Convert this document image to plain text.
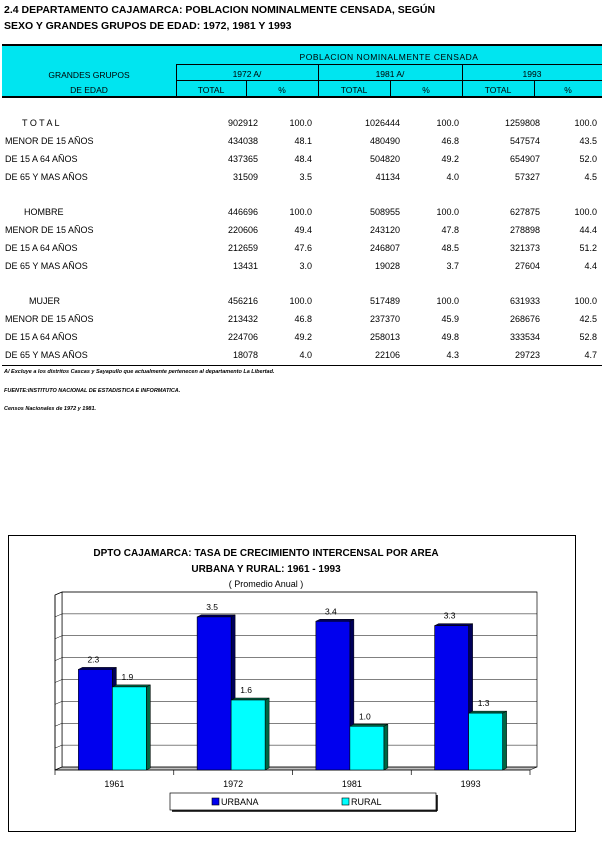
2.4 DEPARTAMENTO CAJAMARCA: POBLACION NOMINALMENTE CENSADA, SEGÚN
SEXO Y GRANDES GRUPOS DE EDAD: 1972, 1981 Y 1993
GRANDES GRUPOS
DE EDAD
POBLACION NOMINALMENTE CENSADA
1972 A/	1981 A/	1993
TOTAL	%	TOTAL	%	TOTAL	%
T O T A L	902912	100.0	1026444	100.0	1259808	100.0
MENOR DE 15 AÑOS	434038	48.1	480490	46.8	547574	43.5
DE 15 A 64 AÑOS	437365	48.4	504820	49.2	654907	52.0
DE 65 Y MAS AÑOS	31509	3.5	41134	4.0	57327	4.5
HOMBRE	446696	100.0	508955	100.0	627875	100.0
MENOR DE 15 AÑOS	220606	49.4	243120	47.8	278898	44.4
DE 15 A 64 AÑOS	212659	47.6	246807	48.5	321373	51.2
DE 65 Y MAS AÑOS	13431	3.0	19028	3.7	27604	4.4
MUJER	456216	100.0	517489	100.0	631933	100.0
MENOR DE 15 AÑOS	213432	46.8	237370	45.9	268676	42.5
DE 15 A 64 AÑOS	224706	49.2	258013	49.8	333534	52.8
DE 65 Y MAS AÑOS	18078	4.0	22106	4.3	29723	4.7
A/ Excluye a los distritos Cascas y Sayapullo que actualmente pertenecen al departamento La Libertad.
FUENTE:INSTITUTO NACIONAL DE ESTADISTICA E INFORMATICA.
Censos Nacionales de 1972 y 1981.
DPTO CAJAMARCA: TASA DE CRECIMIENTO INTERCENSAL POR AREA
URBANA Y RURAL: 1961 - 1993
( Promedio Anual )
1961
2.3
1.9
1972
3.5
1.6
1981
3.4
1.0
1993
3.3
1.3
URBANA	RURAL
